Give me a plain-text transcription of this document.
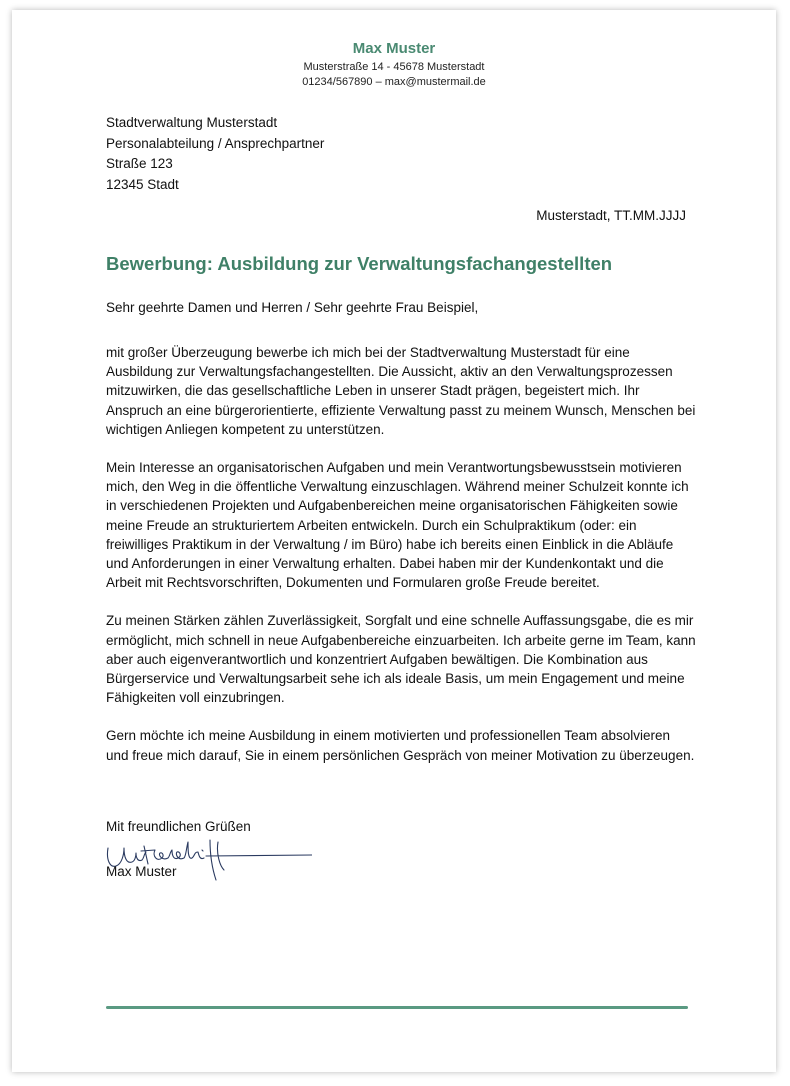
Max Muster
Musterstraße 14 - 45678 Musterstadt
01234/567890 – max@mustermail.de
Stadtverwaltung Musterstadt
Personalabteilung / Ansprechpartner
Straße 123
12345 Stadt
Musterstadt, TT.MM.JJJJ
Bewerbung: Ausbildung zur Verwaltungsfachangestellten
Sehr geehrte Damen und Herren / Sehr geehrte Frau Beispiel,

mit großer Überzeugung bewerbe ich mich bei der Stadtverwaltung Musterstadt für eine Ausbildung zur Verwaltungsfachangestellten. Die Aussicht, aktiv an den Verwaltungsprozessen mitzuwirken, die das gesellschaftliche Leben in unserer Stadt prägen, begeistert mich. Ihr Anspruch an eine bürgerorientierte, effiziente Verwaltung passt zu meinem Wunsch, Menschen bei wichtigen Anliegen kompetent zu unterstützen.

Mein Interesse an organisatorischen Aufgaben und mein Verantwortungsbewusstsein motivieren mich, den Weg in die öffentliche Verwaltung einzuschlagen. Während meiner Schulzeit konnte ich in verschiedenen Projekten und Aufgabenbereichen meine organisatorischen Fähigkeiten sowie meine Freude an strukturiertem Arbeiten entwickeln. Durch ein Schulpraktikum (oder: ein freiwilliges Praktikum in der Verwaltung / im Büro) habe ich bereits einen Einblick in die Abläufe und Anforderungen in einer Verwaltung erhalten. Dabei haben mir der Kundenkontakt und die Arbeit mit Rechtsvorschriften, Dokumenten und Formularen große Freude bereitet.

Zu meinen Stärken zählen Zuverlässigkeit, Sorgfalt und eine schnelle Auffassungsgabe, die es mir ermöglicht, mich schnell in neue Aufgabenbereiche einzuarbeiten. Ich arbeite gerne im Team, kann aber auch eigenverantwortlich und konzentriert Aufgaben bewältigen. Die Kombination aus Bürgerservice und Verwaltungsarbeit sehe ich als ideale Basis, um mein Engagement und meine Fähigkeiten voll einzubringen.

Gern möchte ich meine Ausbildung in einem motivierten und professionellen Team absolvieren und freue mich darauf, Sie in einem persönlichen Gespräch von meiner Motivation zu überzeugen.

Mit freundlichen Grüßen
Max Muster
